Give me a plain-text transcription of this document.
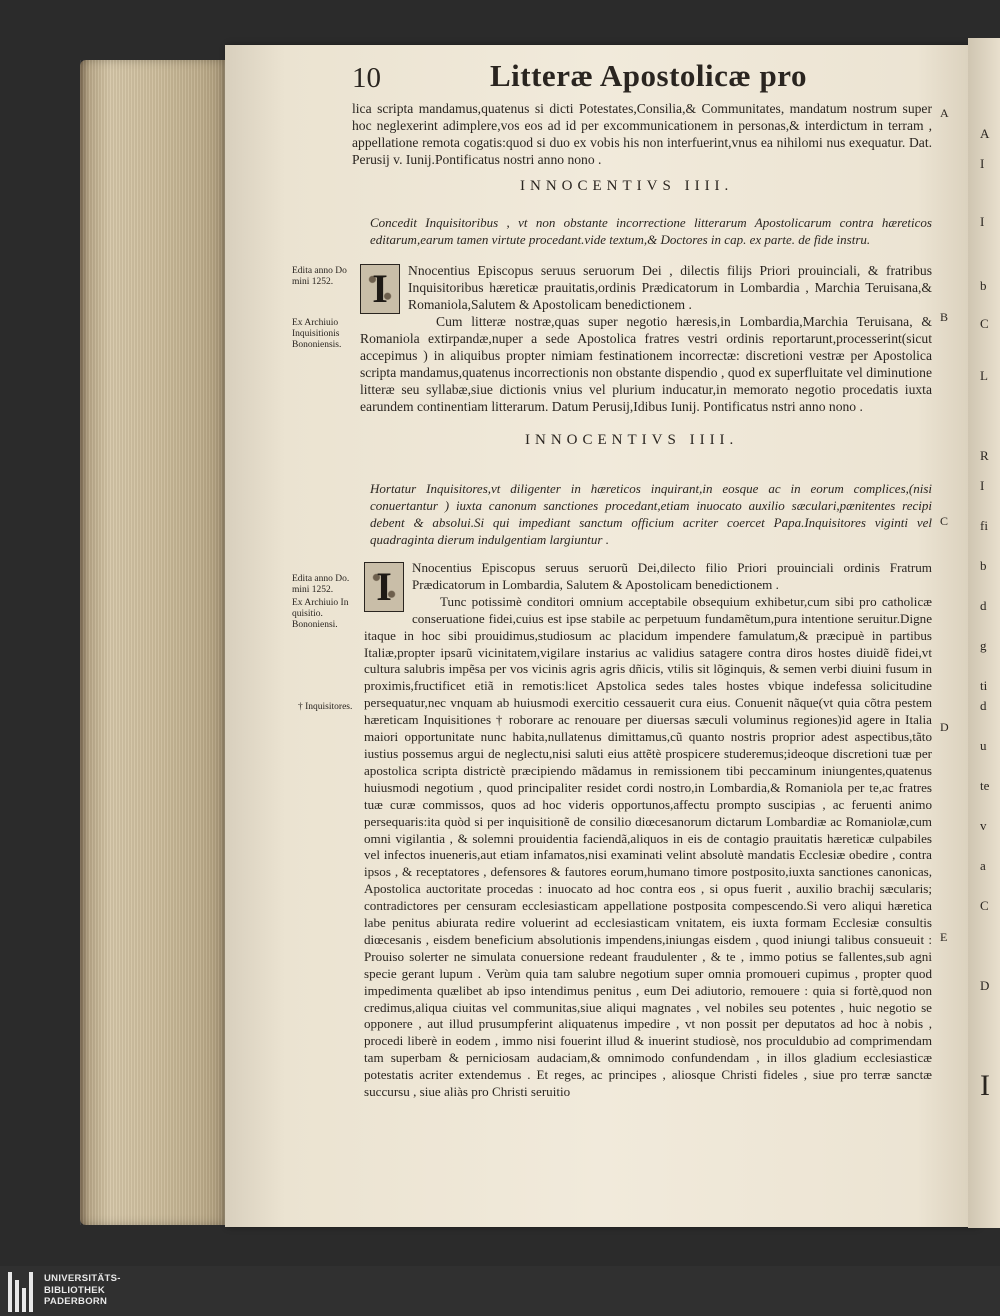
A
I
I
b
C
L
R
I
fi
b
d
g
ti
d
u
te
v
a
C
D
I
10	Litteræ Apostolicæ pro

lica scripta mandamus,quatenus si dicti Potestates,Consilia,& Communitates, mandatum nostrum super hoc neglexerint adimplere,vos eos ad id per excommunicationem in personas,& interdictum in terram , appellatione remota cogatis:quod si duo ex vobis his non interfuerint,vnus ea nihilomi nus exequatur. Dat. Perusij v. Iunij.Pontificatus nostri anno nono .

INNOCENTIVS IIII.
Concedit Inquisitoribus , vt non obstante incorrectione litterarum Apostolicarum contra hæreticos editarum,earum tamen virtute procedant.vide textum,& Doctores in cap. ex parte. de fide instru.
Edita anno Do mini 1252.
Ex Archiuio Inquisitionis Bononiensis.
I	Nnocentius Episcopus seruus seruorum Dei , dilectis filijs Priori prouinciali, & fratribus Inquisitoribus hæreticæ prauitatis,ordinis Prædicatorum in Lombardia , Marchia Teruisana,& Romaniola,Salutem & Apostolicam benedictionem .

Cum litteræ nostræ,quas super negotio hæresis,in Lombardia,Marchia Teruisana, & Romaniola extirpandæ,nuper a sede Apostolica fratres vestri ordinis reportarunt,processerint(sicut accepimus ) in aliquibus propter nimiam festinationem incorrectæ: discretioni vestræ per Apostolica scripta mandamus,quatenus incorrectionis non obstante dispendio , quod ex superfluitate vel diminutione litteræ seu syllabæ,siue dictionis vnius vel plurium inducatur,in memorato negotio procedatis iuxta earundem continentiam litterarum. Datum Perusij,Idibus Iunij. Pontificatus nstri anno nono .

INNOCENTIVS IIII.
Hortatur Inquisitores,vt diligenter in hæreticos inquirant,in eosque ac in eorum complices,(nisi conuertantur ) iuxta canonum sanctiones procedant,etiam inuocato auxilio sæculari,pænitentes recipi debent & absolui.Si qui impediant sanctum officium acriter coercet Papa.Inquisitores viginti vel quadraginta dierum indulgentiam largiuntur .
Edita anno Do. mini 1252.
Ex Archiuio In quisitio. Bononiensi.
† Inquisitores.
I	Nnocentius Episcopus seruus seruorũ Dei,dilecto filio Priori prouinciali ordinis Fratrum Prædicatorum in Lombardia, Salutem & Apostolicam benedictionem .

Tunc potissimè conditori omnium acceptabile obsequium exhibetur,cum sibi pro catholicæ conseruatione fidei,cuius est ipse stabile ac perpetuum fundamẽtum,pura intentione seruitur.Digne itaque in hoc sibi prouidimus,studiosum ac placidum impendere famulatum,& præcipuè in partibus Italiæ,propter ipsarũ vicinitatem,vigilare instarius ac validius satagere contra diros hostes diuidẽ fidei,vt cultura salubris impẽsa per vos vicinis agris agris dñicis, vtilis sit lõginquis, & semen verbi diuini fusum in proximis,fructificet etiã in remotis:licet Apstolica sedes tales hostes vbique indefessa solicitudine persequatur,nec vnquam ab huiusmodi exercitio cessauerit cura eius. Conuenit nãque(vt quia cõtra pestem hæreticam Inquisitiones † roborare ac renouare per diuersas sæculi voluminus regiones)id agere in Italia maiori opportunitate nunc habita,nullatenus dimittamus,cũ quanto nostris proprior adest aspectibus,tãto iustius possemus argui de neglectu,nisi saluti eius attẽtè prospicere studeremus;ideoque discretioni tuæ per apostolica scripta districtè præcipiendo mãdamus in remissionem tibi peccaminum iniungentes,quatenus huiusmodi negotium , quod principaliter residet cordi nostro,in Lombardia,& Romaniola per te,ac fratres tuæ curæ commissos, quos ad hoc videris opportunos,affectu prompto suscipias , ac feruenti animo persequaris:ita quòd si per inquisitionẽ de consilio diœcesanorum dictarum Lombardiæ ac Romaniolæ,cum omni vigilantia , & solemni prouidentia faciendã,aliquos in eis de contagio prauitatis hæreticæ culpabiles vel infectos inueneris,aut etiam infamatos,nisi examinati velint absolutè mandatis Ecclesiæ obedire , contra ipsos , & receptatores , defensores & fautores eorum,humano timore postposito,iuxta sanctiones canonicas, Apostolica auctoritate procedas : inuocato ad hoc contra eos , si opus fuerit , auxilio brachij sæcularis; contradictores per censuram ecclesiasticam appellatione postposita compescendo.Si vero aliqui hæretica labe penitus abiurata redire voluerint ad ecclesiasticam vnitatem, eis iuxta formam Ecclesiæ consultis diœcesanis , eisdem beneficium absolutionis impendens,iniungas eisdem , quod iniungi talibus consueuit : Prouiso solerter ne simulata conuersione redeant fraudulenter , & te , immo potius se fallentes,sub agni specie gerant lupum . Verùm quia tam salubre negotium super omnia promoueri cupimus , propter quod impedimenta quælibet ab ipso intendimus penitus , eum Dei adiutorio, remouere : quia si fortè,quod non credimus,aliqua ciuitas vel communitas,siue aliqui magnates , vel nobiles seu potentes , huic negotio se opponere , aut illud prusumpferint aliquatenus impedire , vt non possit per deputatos ad hoc à nobis , procedi liberè in eodem , immo nisi fouerint illud & inuerint studiosè, nos proculdubio ad comprimendam tam superbam & perniciosam audaciam,& omnimodo confundendam , in illos gladium ecclesiasticæ potestatis acriter extendemus . Et reges, ac principes , aliosque Christi fideles , siue pro terræ sanctæ succursu , siue aliàs pro Christi seruitio

A
B
C
D
E
UNIVERSITÄTS-
BIBLIOTHEK
PADERBORN
